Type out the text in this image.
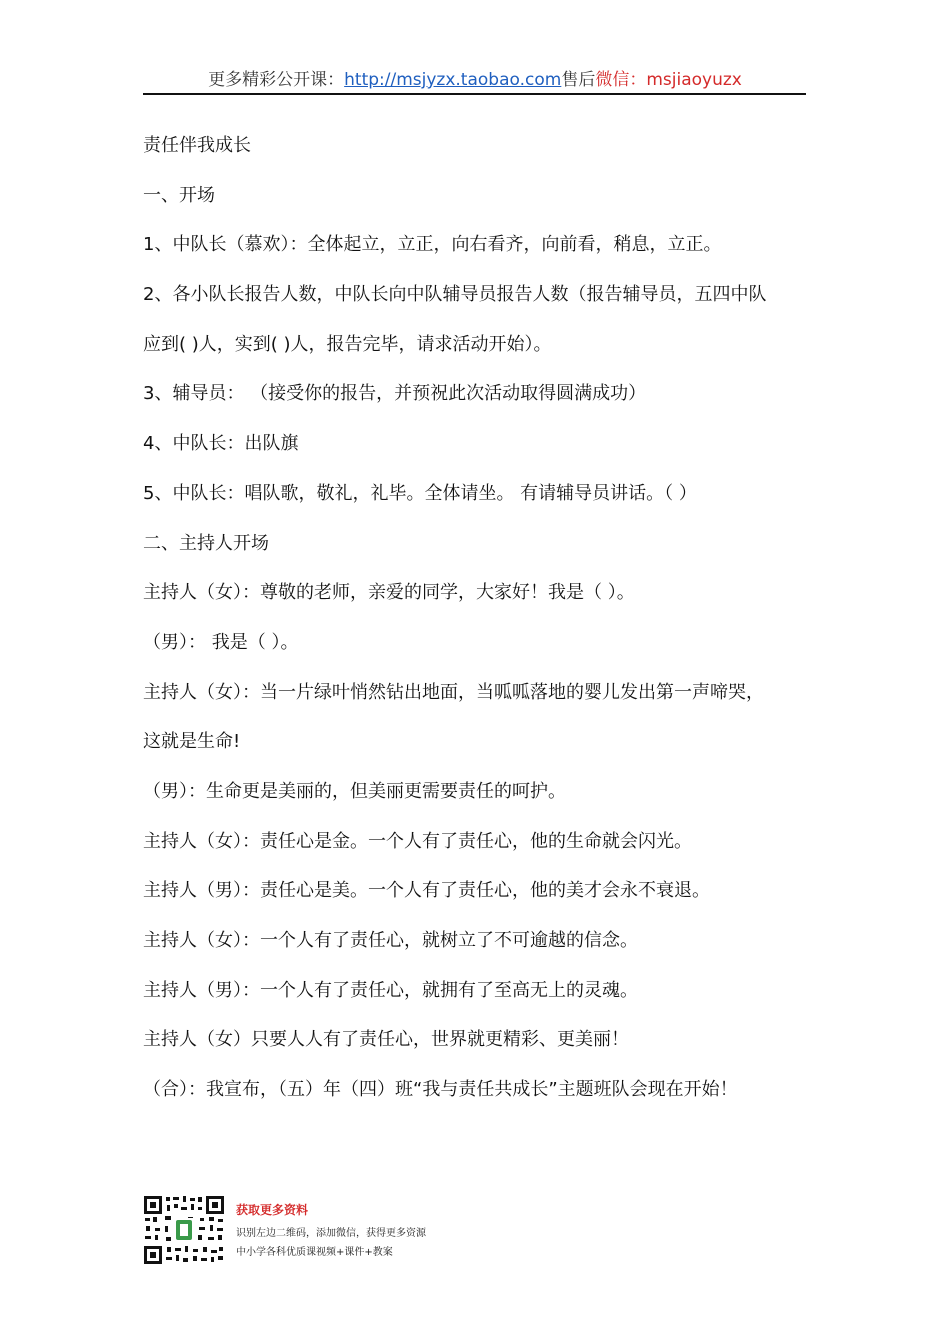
更多精彩公开课：http://msjyzx.taobao.com售后微信：msjiaoyuzx
责任伴我成长
一、开场
1、中队长（慕欢）：全体起立，立正，向右看齐，向前看，稍息，立正。
2、各小队长报告人数，中队长向中队辅导员报告人数（报告辅导员，五四中队
应到( )人，实到( )人，报告完毕，请求活动开始）。
3、辅导员： （接受你的报告，并预祝此次活动取得圆满成功）
4、中队长：出队旗
5、中队长：唱队歌，敬礼，礼毕。全体请坐。 有请辅导员讲话。（ ）
二、主持人开场
主持人（女）：尊敬的老师，亲爱的同学，大家好！我是（ ）。
（男）： 我是（ ）。
主持人（女）：当一片绿叶悄然钻出地面，当呱呱落地的婴儿发出第一声啼哭，
这就是生命!
（男）：生命更是美丽的，但美丽更需要责任的呵护。
主持人（女）：责任心是金。一个人有了责任心，他的生命就会闪光。
主持人（男）：责任心是美。一个人有了责任心，他的美才会永不衰退。
主持人（女）：一个人有了责任心，就树立了不可逾越的信念。
主持人（男）：一个人有了责任心，就拥有了至高无上的灵魂。
主持人（女）只要人人有了责任心，世界就更精彩、更美丽！
（合）：我宣布，（五）年（四）班“我与责任共成长”主题班队会现在开始！
获取更多资料
识别左边二维码，添加微信，获得更多资源
中小学各科优质课视频+课件+教案
